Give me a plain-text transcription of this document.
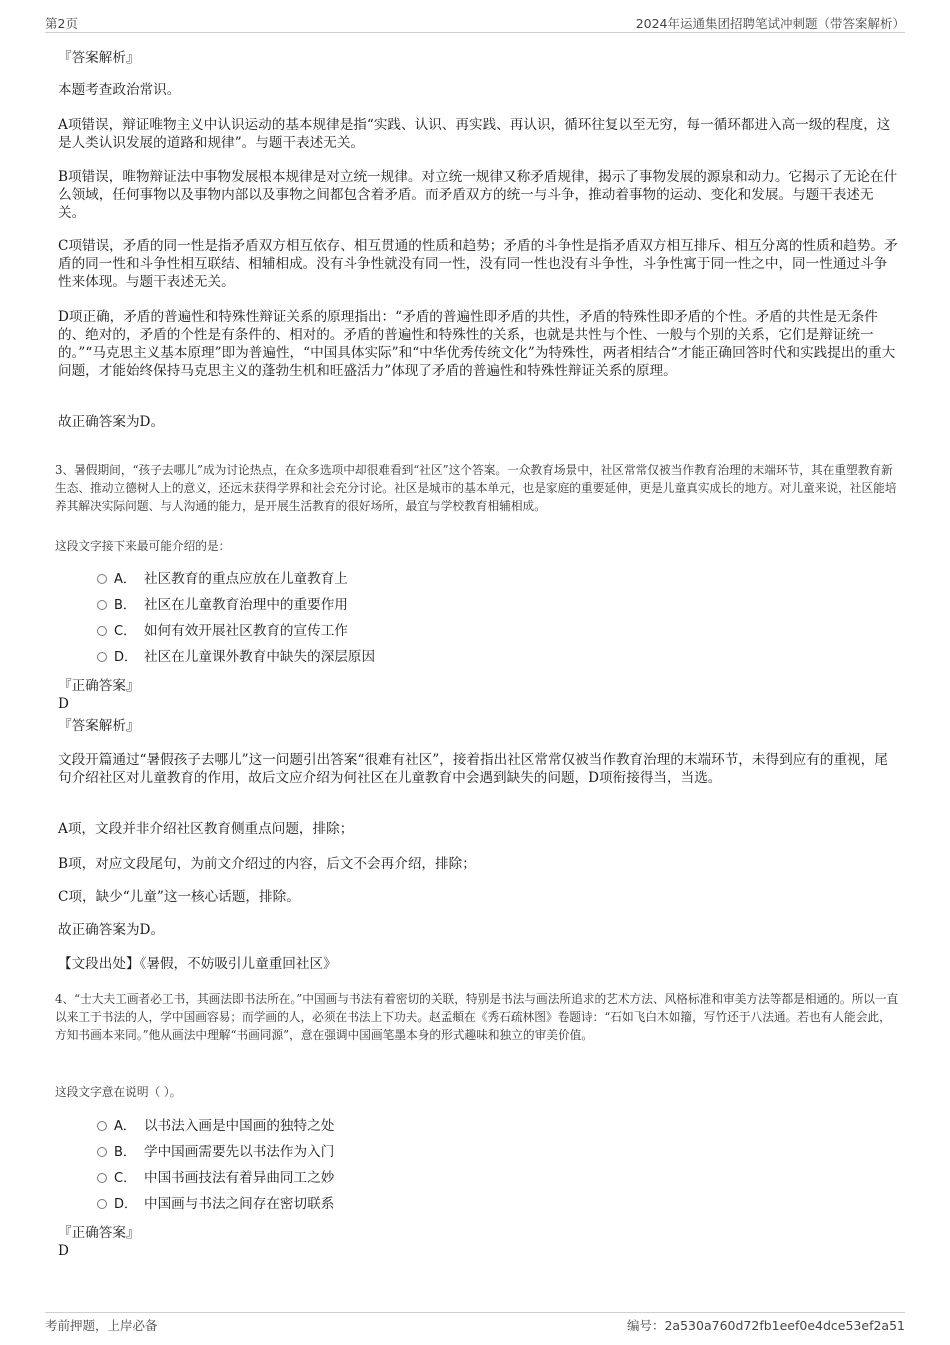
第2页	2024年运通集团招聘笔试冲刺题（带答案解析）

『答案解析』

本题考查政治常识。

A项错误，辩证唯物主义中认识运动的基本规律是指“实践、认识、再实践、再认识，循环往复以至无穷，每一循环都进入高一级的程度，这是人类认识发展的道路和规律”。与题干表述无关。

B项错误，唯物辩证法中事物发展根本规律是对立统一规律。对立统一规律又称矛盾规律，揭示了事物发展的源泉和动力。它揭示了无论在什么领域，任何事物以及事物内部以及事物之间都包含着矛盾。而矛盾双方的统一与斗争，推动着事物的运动、变化和发展。与题干表述无关。

C项错误，矛盾的同一性是指矛盾双方相互依存、相互贯通的性质和趋势；矛盾的斗争性是指矛盾双方相互排斥、相互分离的性质和趋势。矛盾的同一性和斗争性相互联结、相辅相成。没有斗争性就没有同一性，没有同一性也没有斗争性，斗争性寓于同一性之中，同一性通过斗争性来体现。与题干表述无关。

D项正确，矛盾的普遍性和特殊性辩证关系的原理指出：“矛盾的普遍性即矛盾的共性，矛盾的特殊性即矛盾的个性。矛盾的共性是无条件的、绝对的，矛盾的个性是有条件的、相对的。矛盾的普遍性和特殊性的关系，也就是共性与个性、一般与个别的关系，它们是辩证统一的。”“马克思主义基本原理”即为普遍性，“中国具体实际”和“中华优秀传统文化”为特殊性，两者相结合“才能正确回答时代和实践提出的重大问题，才能始终保持马克思主义的蓬勃生机和旺盛活力”体现了矛盾的普遍性和特殊性辩证关系的原理。

故正确答案为D。

3、暑假期间，“孩子去哪儿”成为讨论热点，在众多选项中却很难看到“社区”这个答案。一众教育场景中，社区常常仅被当作教育治理的末端环节，其在重塑教育新生态、推动立德树人上的意义，还远未获得学界和社会充分讨论。社区是城市的基本单元，也是家庭的重要延伸，更是儿童真实成长的地方。对儿童来说，社区能培养其解决实际问题、与人沟通的能力，是开展生活教育的很好场所，最宜与学校教育相辅相成。

这段文字接下来最可能介绍的是：

A． 社区教育的重点应放在儿童教育上
B． 社区在儿童教育治理中的重要作用
C． 如何有效开展社区教育的宣传工作
D． 社区在儿童课外教育中缺失的深层原因

『正确答案』

D

『答案解析』

文段开篇通过“暑假孩子去哪儿”这一问题引出答案“很难有社区”，接着指出社区常常仅被当作教育治理的末端环节，未得到应有的重视，尾句介绍社区对儿童教育的作用，故后文应介绍为何社区在儿童教育中会遇到缺失的问题，D项衔接得当，当选。

A项，文段并非介绍社区教育侧重点问题，排除；

B项，对应文段尾句，为前文介绍过的内容，后文不会再介绍，排除；

C项，缺少“儿童”这一核心话题，排除。

故正确答案为D。

【文段出处】《暑假，不妨吸引儿童重回社区》

4、“士大夫工画者必工书，其画法即书法所在。”中国画与书法有着密切的关联，特别是书法与画法所追求的艺术方法、风格标准和审美方法等都是相通的。所以一直以来工于书法的人，学中国画容易；而学画的人，必须在书法上下功夫。赵孟頫在《秀石疏林图》卷题诗：“石如飞白木如籀，写竹还于八法通。若也有人能会此，方知书画本来同。”他从画法中理解“书画同源”，意在强调中国画笔墨本身的形式趣味和独立的审美价值。

这段文字意在说明（ ）。

A． 以书法入画是中国画的独特之处
B． 学中国画需要先以书法作为入门
C． 中国书画技法有着异曲同工之妙
D． 中国画与书法之间存在密切联系

『正确答案』

D

考前押题，上岸必备	编号：2a530a760d72fb1eef0e4dce53ef2a51
